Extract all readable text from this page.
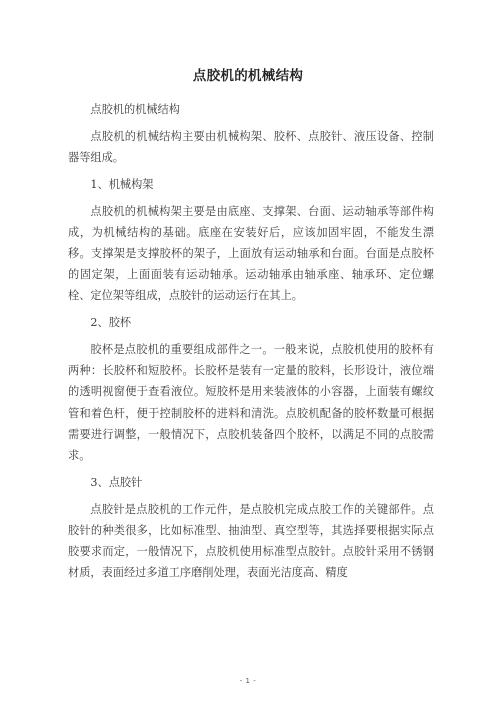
点胶机的机械结构

点胶机的机械结构

点胶机的机械结构主要由机械构架、胶杯、点胶针、液压设备、控制器等组成。

1、机械构架

点胶机的机械构架主要是由底座、支撑架、台面、运动轴承等部件构成，为机械结构的基础。底座在安装好后，应该加固牢固，不能发生漂移。支撑架是支撑胶杯的架子，上面放有运动轴承和台面。台面是点胶杯的固定架，上面面装有运动轴承。运动轴承由轴承座、轴承环、定位螺栓、定位架等组成，点胶针的运动运行在其上。

2、胶杯

胶杯是点胶机的重要组成部件之一。一般来说，点胶机使用的胶杯有两种：长胶杯和短胶杯。长胶杯是装有一定量的胶料，长形设计，液位端的透明视窗便于查看液位。短胶杯是用来装液体的小容器，上面装有螺纹管和着色杆，便于控制胶杯的进料和清洗。点胶机配备的胶杯数量可根据需要进行调整，一般情况下，点胶机装备四个胶杯，以满足不同的点胶需求。

3、点胶针

点胶针是点胶机的工作元件，是点胶机完成点胶工作的关键部件。点胶针的种类很多，比如标准型、抽油型、真空型等，其选择要根据实际点胶要求而定，一般情况下，点胶机使用标准型点胶针。点胶针采用不锈钢材质，表面经过多道工序磨削处理，表面光洁度高、精度

- 1 -
